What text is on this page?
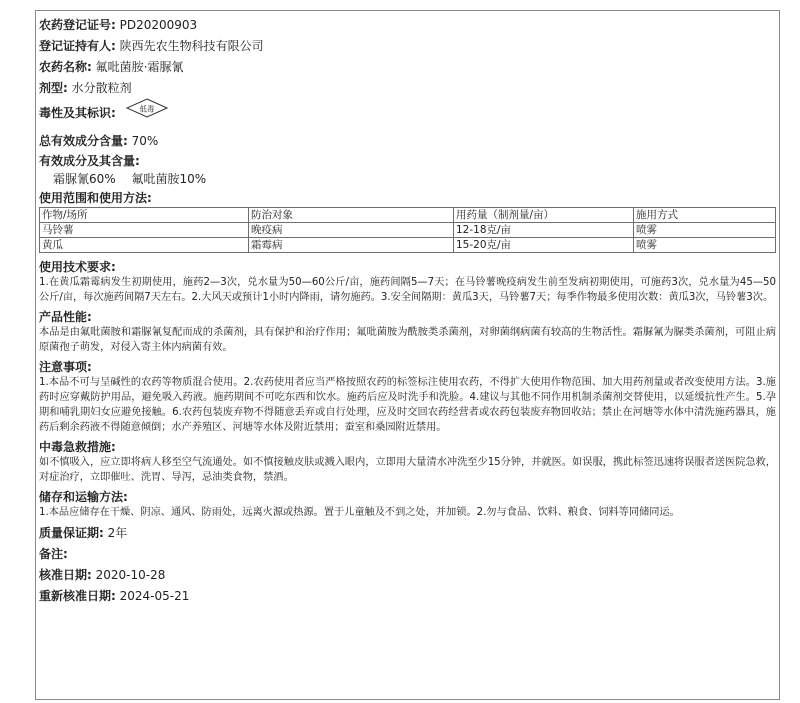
农药登记证号: PD20200903
登记证持有人: 陕西先农生物科技有限公司
农药名称: 氟吡菌胺·霜脲氰
剂型: 水分散粒剂
毒性及其标识:	低毒
总有效成分含量: 70%
有效成分及其含量:
霜脲氰60% 氟吡菌胺10%
使用范围和使用方法:
作物/场所	防治对象	用药量（制剂量/亩）	施用方式
马铃薯	晚疫病	12-18克/亩	喷雾
黄瓜	霜霉病	15-20克/亩	喷雾
使用技术要求:
1.在黄瓜霜霉病发生初期使用，施药2—3次，兑水量为50—60公斤/亩，施药间隔5—7天；在马铃薯晚疫病发生前至发病初期使用，可施药3次，兑水量为45—50公斤/亩，每次施药间隔7天左右。2.大风天或预计1小时内降雨，请勿施药。3.安全间隔期：黄瓜3天，马铃薯7天；每季作物最多使用次数：黄瓜3次，马铃薯3次。
产品性能:
本品是由氟吡菌胺和霜脲氰复配而成的杀菌剂，具有保护和治疗作用；氟吡菌胺为酰胺类杀菌剂，对卵菌纲病菌有较高的生物活性。霜脲氰为脲类杀菌剂，可阻止病原菌孢子萌发，对侵入寄主体内病菌有效。
注意事项:
1.本品不可与呈碱性的农药等物质混合使用。2.农药使用者应当严格按照农药的标签标注使用农药，不得扩大使用作物范围、加大用药剂量或者改变使用方法。3.施药时应穿戴防护用品，避免吸入药液。施药期间不可吃东西和饮水。施药后应及时洗手和洗脸。4.建议与其他不同作用机制杀菌剂交替使用，以延缓抗性产生。5.孕期和哺乳期妇女应避免接触。6.农药包装废弃物不得随意丢弃或自行处理，应及时交回农药经营者或农药包装废弃物回收站；禁止在河塘等水体中清洗施药器具，施药后剩余药液不得随意倾倒；水产养殖区、河塘等水体及附近禁用；蚕室和桑园附近禁用。
中毒急救措施:
如不慎吸入，应立即将病人移至空气流通处。如不慎接触皮肤或溅入眼内，立即用大量清水冲洗至少15分钟，并就医。如误服，携此标签迅速将误服者送医院急救，对症治疗，立即催吐、洗胃、导泻，忌油类食物，禁酒。
储存和运输方法:
1.本品应储存在干燥、阴凉、通风、防雨处，远离火源或热源。置于儿童触及不到之处，并加锁。2.勿与食品、饮料、粮食、饲料等同储同运。
质量保证期: 2年
备注:
核准日期: 2020-10-28
重新核准日期: 2024-05-21
